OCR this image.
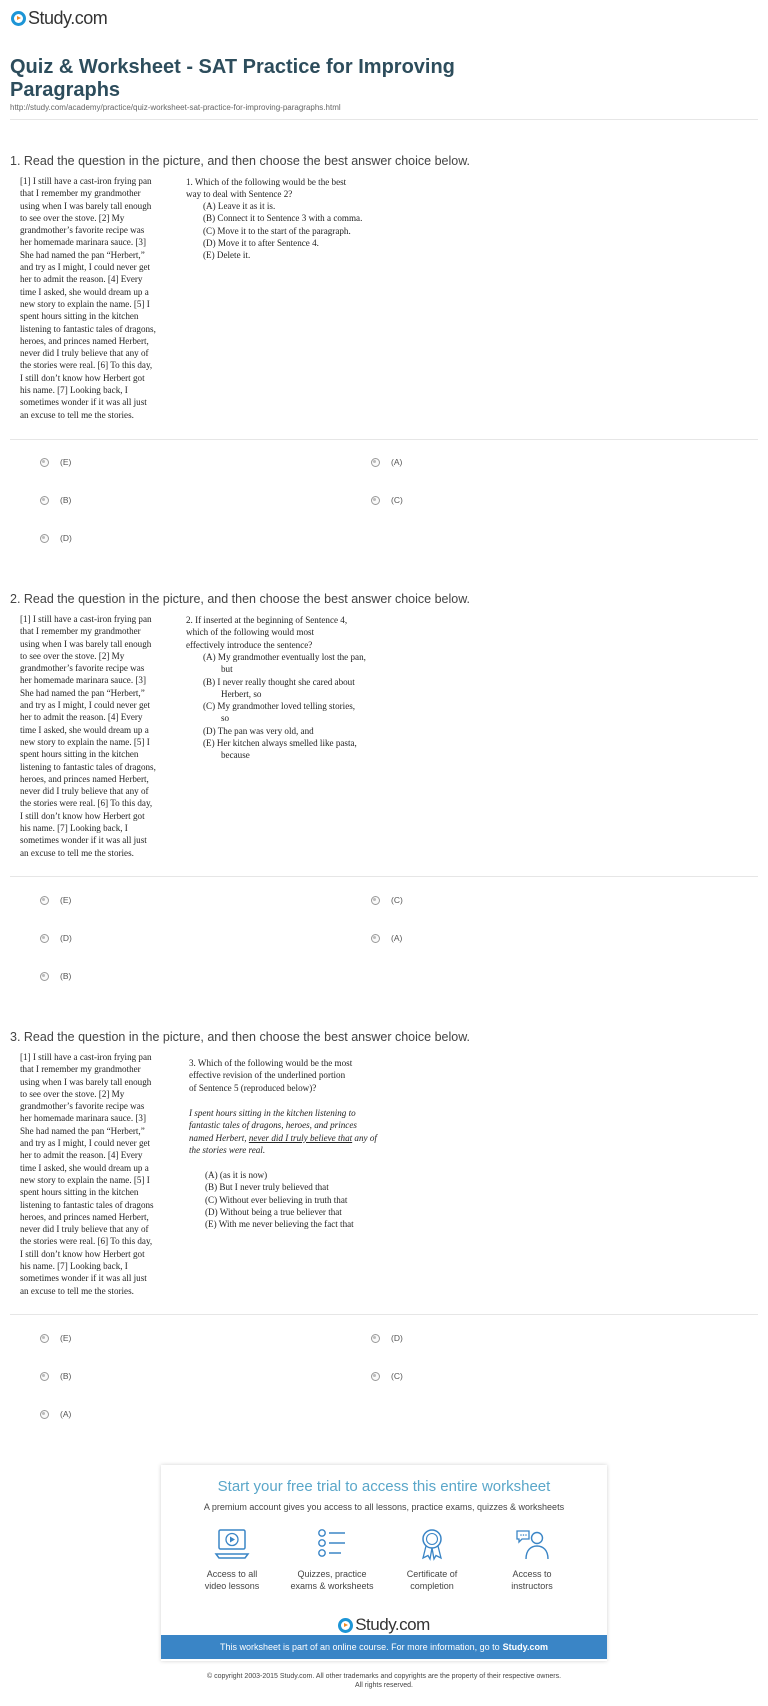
Study.com
Quiz & Worksheet - SAT Practice for Improving Paragraphs
http://study.com/academy/practice/quiz-worksheet-sat-practice-for-improving-paragraphs.html
1. Read the question in the picture, and then choose the best answer choice below.

[1] I still have a cast-iron frying pan
that I remember my grandmother
using when I was barely tall enough
to see over the stove. [2] My
grandmother’s favorite recipe was
her homemade marinara sauce. [3]
She had named the pan “Herbert,”
and try as I might, I could never get
her to admit the reason. [4] Every
time I asked, she would dream up a
new story to explain the name. [5] I
spent hours sitting in the kitchen
listening to fantastic tales of dragons,
heroes, and princes named Herbert,
never did I truly believe that any of
the stories were real. [6] To this day,
I still don’t know how Herbert got
his name. [7] Looking back, I
sometimes wonder if it was all just
an excuse to tell me the stories.

1. Which of the following would be the best
way to deal with Sentence 2?

(A) Leave it as it is.
(B) Connect it to Sentence 3 with a comma.
(C) Move it to the start of the paragraph.
(D) Move it to after Sentence 4.
(E) Delete it.
(E)	(A)
(B)	(C)
(D)
2. Read the question in the picture, and then choose the best answer choice below.

[1] I still have a cast-iron frying pan
that I remember my grandmother
using when I was barely tall enough
to see over the stove. [2] My
grandmother’s favorite recipe was
her homemade marinara sauce. [3]
She had named the pan “Herbert,”
and try as I might, I could never get
her to admit the reason. [4] Every
time I asked, she would dream up a
new story to explain the name. [5] I
spent hours sitting in the kitchen
listening to fantastic tales of dragons,
heroes, and princes named Herbert,
never did I truly believe that any of
the stories were real. [6] To this day,
I still don’t know how Herbert got
his name. [7] Looking back, I
sometimes wonder if it was all just
an excuse to tell me the stories.

2. If inserted at the beginning of Sentence 4,
which of the following would most
effectively introduce the sentence?

(A) My grandmother eventually lost the pan, but
(B) I never really thought she cared about Herbert, so
(C) My grandmother loved telling stories, so
(D) The pan was very old, and
(E) Her kitchen always smelled like pasta, because
(E)	(C)
(D)	(A)
(B)
3. Read the question in the picture, and then choose the best answer choice below.

[1] I still have a cast-iron frying pan
that I remember my grandmother
using when I was barely tall enough
to see over the stove. [2] My
grandmother’s favorite recipe was
her homemade marinara sauce. [3]
She had named the pan “Herbert,”
and try as I might, I could never get
her to admit the reason. [4] Every
time I asked, she would dream up a
new story to explain the name. [5] I
spent hours sitting in the kitchen
listening to fantastic tales of dragons
heroes, and princes named Herbert,
never did I truly believe that any of
the stories were real. [6] To this day,
I still don’t know how Herbert got
his name. [7] Looking back, I
sometimes wonder if it was all just
an excuse to tell me the stories.

3. Which of the following would be the most
effective revision of the underlined portion
of Sentence 5 (reproduced below)?

I spent hours sitting in the kitchen listening to fantastic tales of dragons, heroes, and princes named Herbert, never did I truly believe that any of the stories were real.

(A) (as it is now)
(B) But I never truly believed that
(C) Without ever believing in truth that
(D) Without being a true believer that
(E) With me never believing the fact that
(E)	(D)
(B)	(C)
(A)
Start your free trial to access this entire worksheet

A premium account gives you access to all lessons, practice exams, quizzes & worksheets

Access to all
video lessons
Quizzes, practice
exams & worksheets
Certificate of
completion
Access to
instructors
Study.com
This worksheet is part of an online course. For more information, go to Study.com
© copyright 2003-2015 Study.com. All other trademarks and copyrights are the property of their respective owners.
All rights reserved.
